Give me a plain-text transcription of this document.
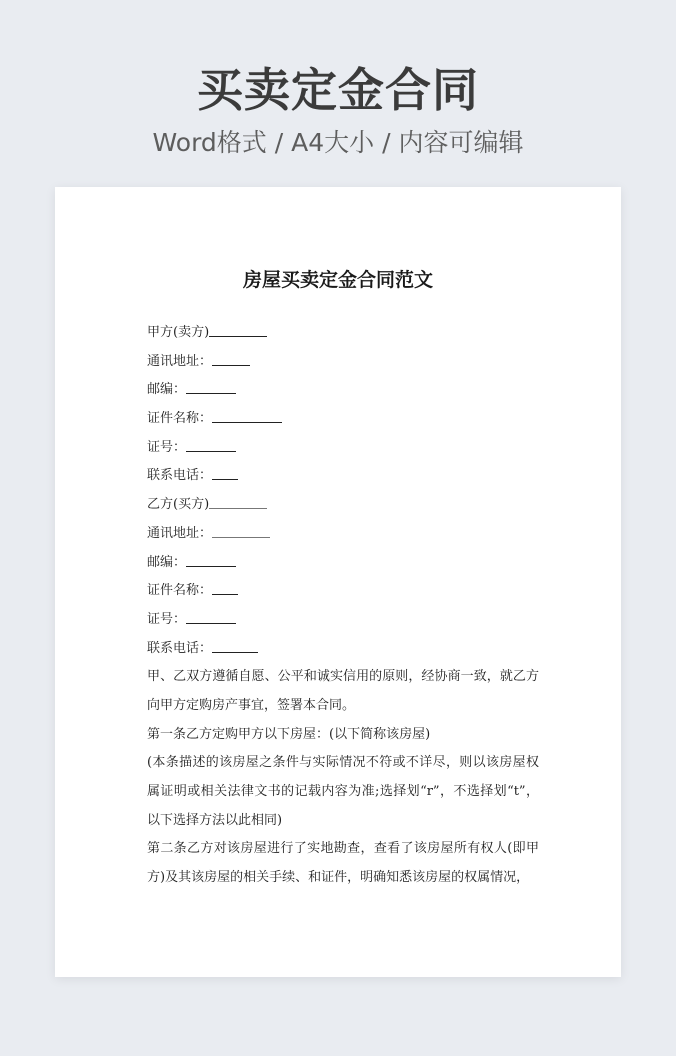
买卖定金合同
Word格式 / A4大小 / 内容可编辑
房屋买卖定金合同范文
甲方(卖方)
通讯地址：
邮编：
证件名称：
证号：
联系电话：
乙方(买方)
通讯地址：
邮编：
证件名称：
证号：
联系电话：

甲、乙双方遵循自愿、公平和诚实信用的原则，经协商一致，就乙方向甲方定购房产事宜，签署本合同。

第一条乙方定购甲方以下房屋：(以下简称该房屋)

(本条描述的该房屋之条件与实际情况不符或不详尽，则以该房屋权属证明或相关法律文书的记载内容为准;选择划“r”，不选择划“t”，以下选择方法以此相同)

第二条乙方对该房屋进行了实地勘查，查看了该房屋所有权人(即甲方)及其该房屋的相关手续、和证件，明确知悉该房屋的权属情况，
